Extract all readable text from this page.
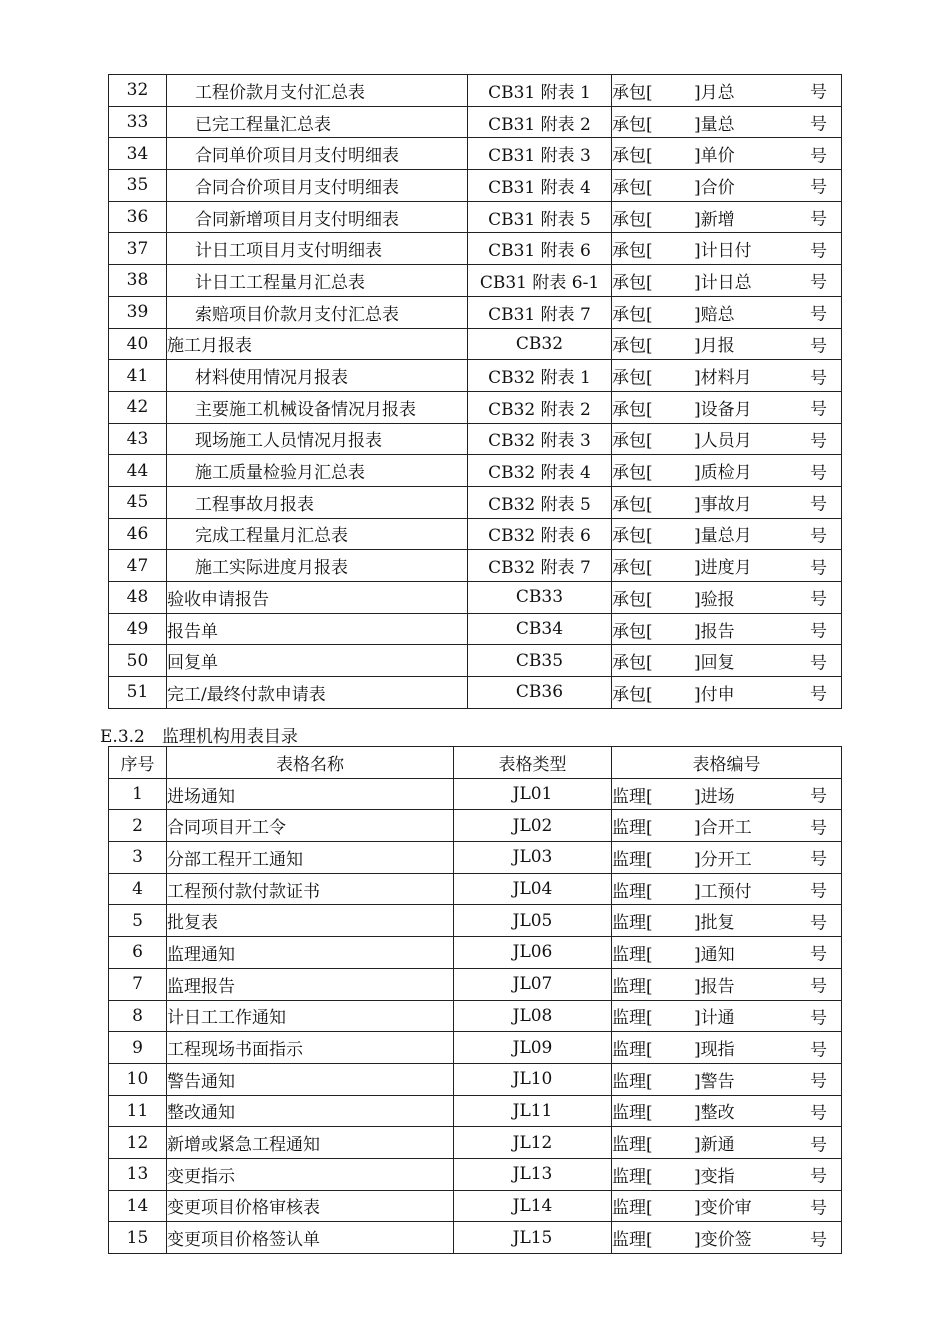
32	工程价款月支付汇总表	CB31 附表 1	承包[ ]月总 号

33	已完工程量汇总表	CB31 附表 2	承包[ ]量总 号

34	合同单价项目月支付明细表	CB31 附表 3	承包[ ]单价 号

35	合同合价项目月支付明细表	CB31 附表 4	承包[ ]合价 号

36	合同新增项目月支付明细表	CB31 附表 5	承包[ ]新增 号

37	计日工项目月支付明细表	CB31 附表 6	承包[ ]计日付 号

38	计日工工程量月汇总表	CB31 附表 6-1	承包[ ]计日总 号

39	索赔项目价款月支付汇总表	CB31 附表 7	承包[ ]赔总 号

40	施工月报表	CB32	承包[ ]月报 号

41	材料使用情况月报表	CB32 附表 1	承包[ ]材料月 号

42	主要施工机械设备情况月报表	CB32 附表 2	承包[ ]设备月 号

43	现场施工人员情况月报表	CB32 附表 3	承包[ ]人员月 号

44	施工质量检验月汇总表	CB32 附表 4	承包[ ]质检月 号

45	工程事故月报表	CB32 附表 5	承包[ ]事故月 号

46	完成工程量月汇总表	CB32 附表 6	承包[ ]量总月 号

47	施工实际进度月报表	CB32 附表 7	承包[ ]进度月 号

48	验收申请报告	CB33	承包[ ]验报 号

49	报告单	CB34	承包[ ]报告 号

50	回复单	CB35	承包[ ]回复 号

51	完工/最终付款申请表	CB36	承包[ ]付申 号
E.3.2　监理机构用表目录
序号	表格名称	表格类型	表格编号
1	进场通知	JL01	监理[ ]进场 号

2	合同项目开工令	JL02	监理[ ]合开工 号

3	分部工程开工通知	JL03	监理[ ]分开工 号

4	工程预付款付款证书	JL04	监理[ ]工预付 号

5	批复表	JL05	监理[ ]批复 号

6	监理通知	JL06	监理[ ]通知 号

7	监理报告	JL07	监理[ ]报告 号

8	计日工工作通知	JL08	监理[ ]计通 号

9	工程现场书面指示	JL09	监理[ ]现指 号

10	警告通知	JL10	监理[ ]警告 号

11	整改通知	JL11	监理[ ]整改 号

12	新增或紧急工程通知	JL12	监理[ ]新通 号

13	变更指示	JL13	监理[ ]变指 号

14	变更项目价格审核表	JL14	监理[ ]变价审 号

15	变更项目价格签认单	JL15	监理[ ]变价签 号
